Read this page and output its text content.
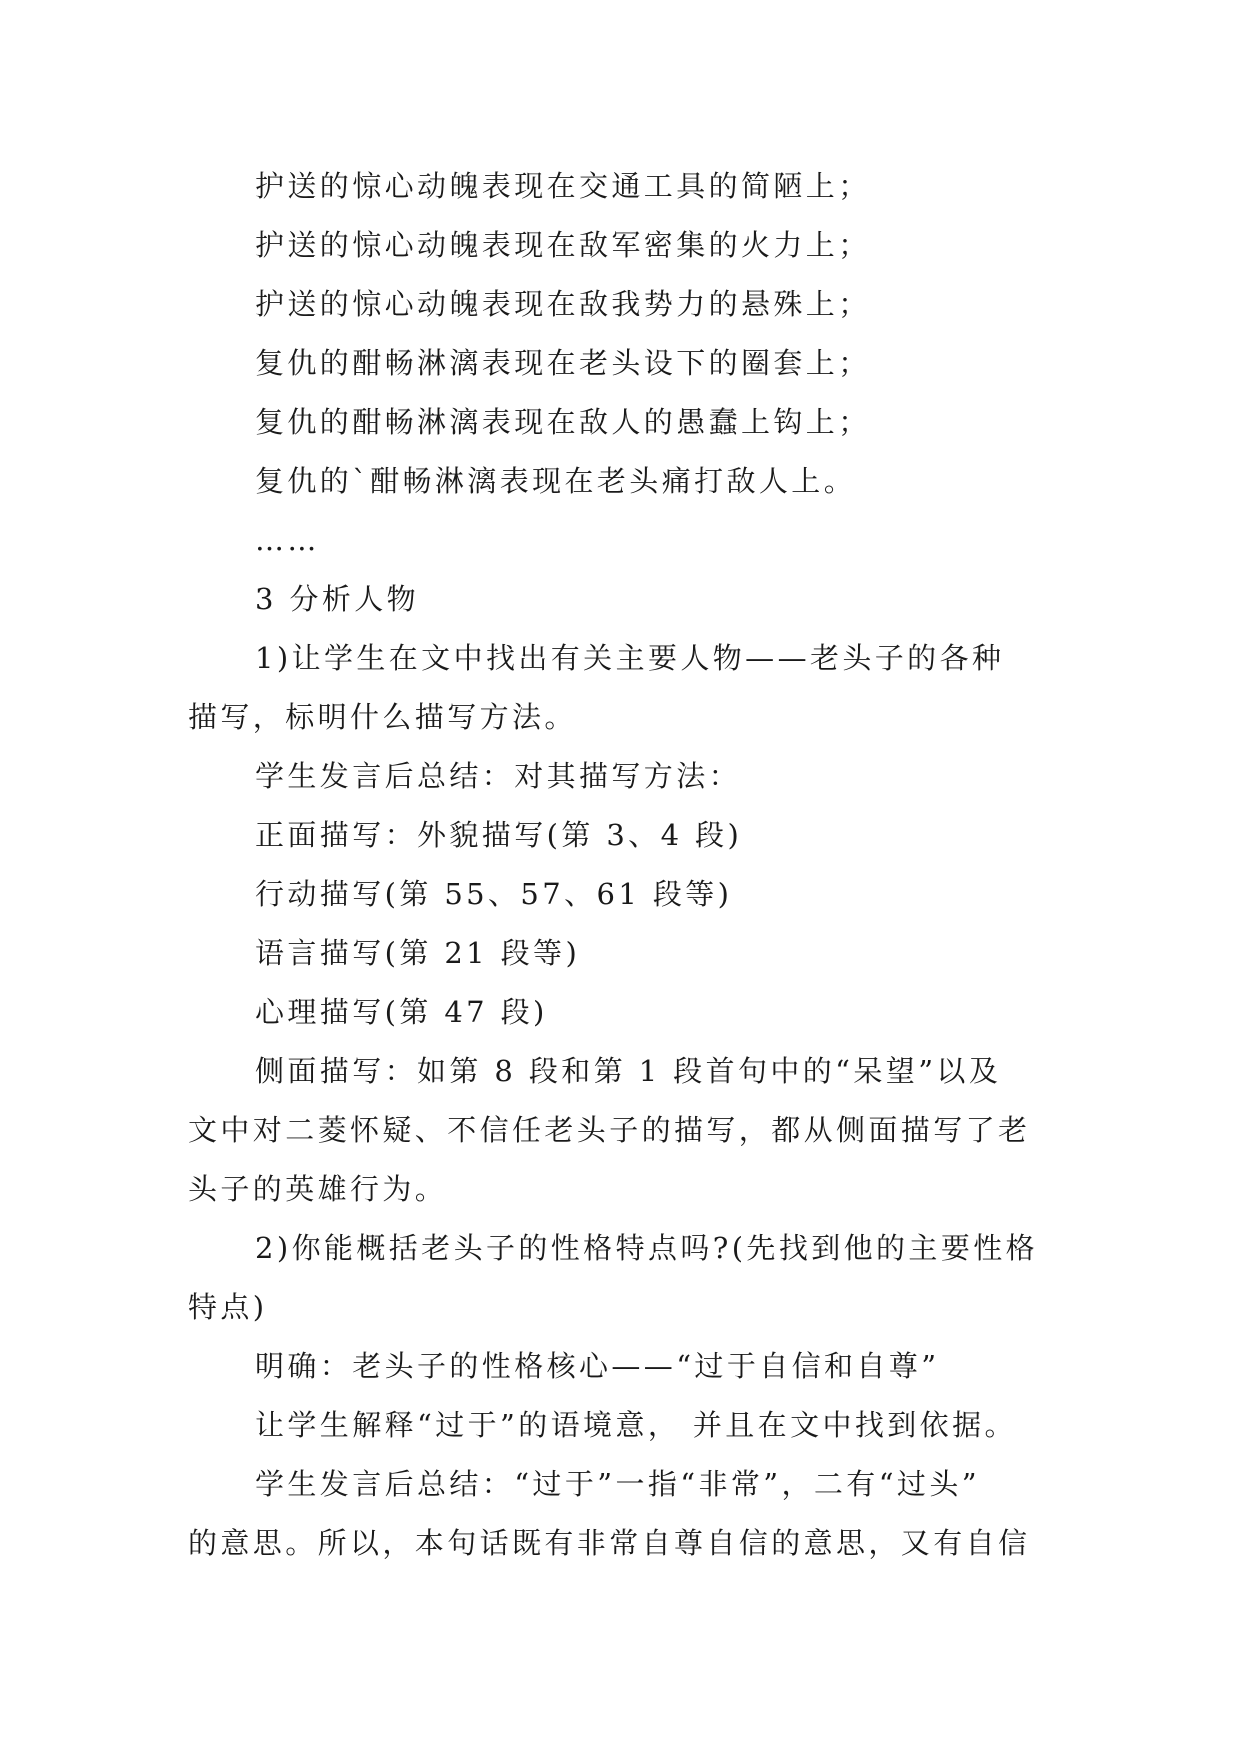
护送的惊心动魄表现在交通工具的简陋上；
护送的惊心动魄表现在敌军密集的火力上；
护送的惊心动魄表现在敌我势力的悬殊上；
复仇的酣畅淋漓表现在老头设下的圈套上；
复仇的酣畅淋漓表现在敌人的愚蠢上钩上；
复仇的`酣畅淋漓表现在老头痛打敌人上。
……
3 分析人物
1)让学生在文中找出有关主要人物——老头子的各种
描写，标明什么描写方法。
学生发言后总结：对其描写方法：
正面描写：外貌描写(第 3、4 段)
行动描写(第 55、57、61 段等)
语言描写(第 21 段等)
心理描写(第 47 段)
侧面描写：如第 8 段和第 1 段首句中的“呆望”以及
文中对二菱怀疑、不信任老头子的描写，都从侧面描写了老
头子的英雄行为。
2)你能概括老头子的性格特点吗?(先找到他的主要性格
特点)
明确：老头子的性格核心——“过于自信和自尊”
让学生解释“过于”的语境意， 并且在文中找到依据。
学生发言后总结：“过于”一指“非常”，二有“过头”
的意思。所以，本句话既有非常自尊自信的意思，又有自信
